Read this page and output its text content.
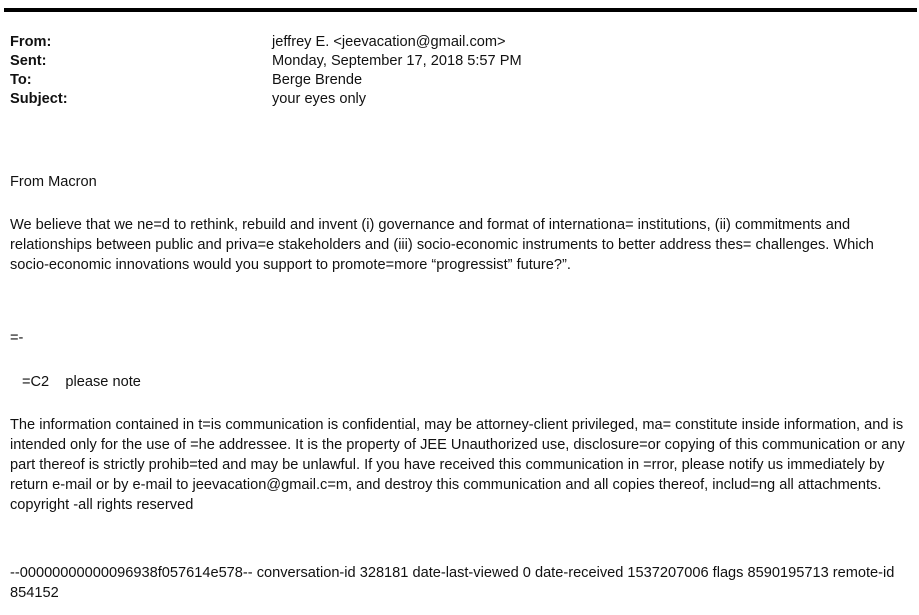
From:	jeffrey E. <jeevacation@gmail.com>
Sent:	Monday, September 17, 2018 5:57 PM
To:	Berge Brende
Subject:	your eyes only

From Macron

We believe that we ne=d to rethink, rebuild and invent (i) governance and format of internationa= institutions, (ii) commitments and relationships between public and priva=e stakeholders and (iii) socio-economic instruments to better address thes= challenges. Which socio-economic innovations would you support to promote=more “progressist” future?”.

=-

=C2    please note

The information contained in t=is communication is confidential, may be attorney-client privileged, ma= constitute inside information, and is intended only for the use of =he addressee. It is the property of JEE Unauthorized use, disclosure=or copying of this communication or any part thereof is strictly prohib=ted and may be unlawful. If you have received this communication in =rror, please notify us immediately by return e-mail or by e-mail to jeevacation@gmail.c=m, and destroy this communication and all copies thereof, includ=ng all attachments. copyright -all rights reserved

--00000000000096938f057614e578-- conversation-id 328181 date-last-viewed 0 date-received 1537207006 flags 8590195713 remote-id 854152
